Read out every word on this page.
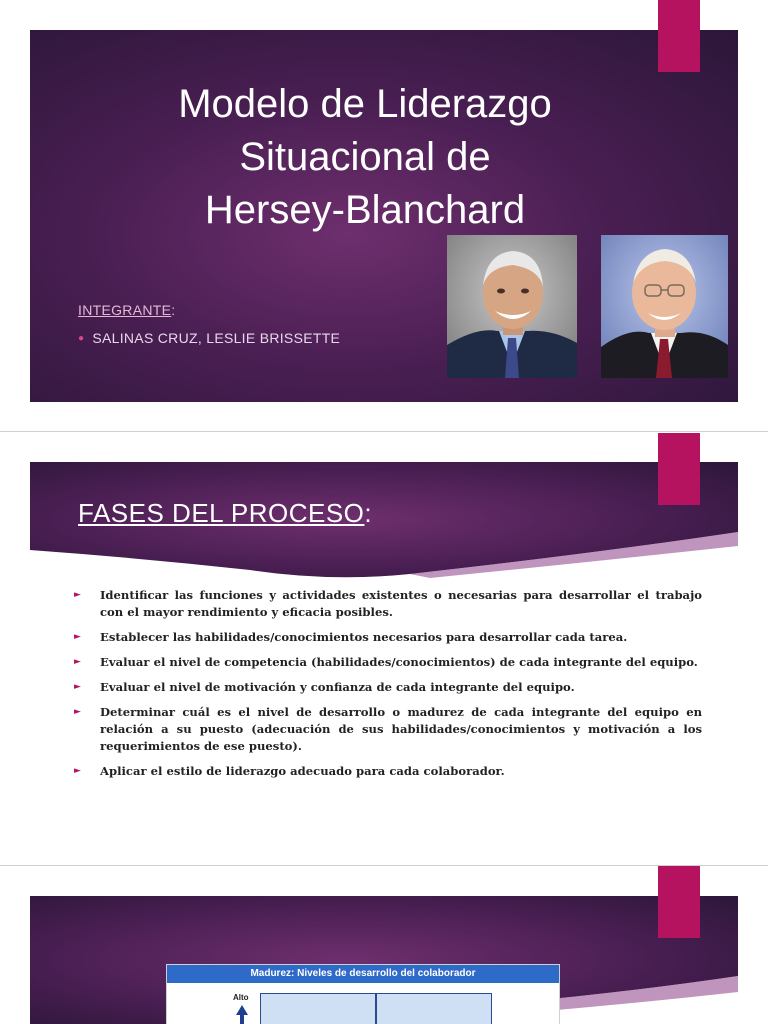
Modelo de Liderazgo
Situacional de
Hersey-Blanchard
INTEGRANTE:
● SALINAS CRUZ, LESLIE BRISSETTE
FASES DEL PROCESO:
► Identificar las funciones y actividades existentes o necesarias para desarrollar el trabajo con el mayor rendimiento y eficacia posibles.
► Establecer las habilidades/conocimientos necesarios para desarrollar cada tarea.
► Evaluar el nivel de competencia (habilidades/conocimientos) de cada integrante del equipo.
► Evaluar el nivel de motivación y confianza de cada integrante del equipo.
► Determinar cuál es el nivel de desarrollo o madurez de cada integrante del equipo en relación a su puesto (adecuación de sus habilidades/conocimientos y motivación a los requerimientos de ese puesto).
► Aplicar el estilo de liderazgo adecuado para cada colaborador.
Madurez: Niveles de desarrollo del colaborador
Alto
